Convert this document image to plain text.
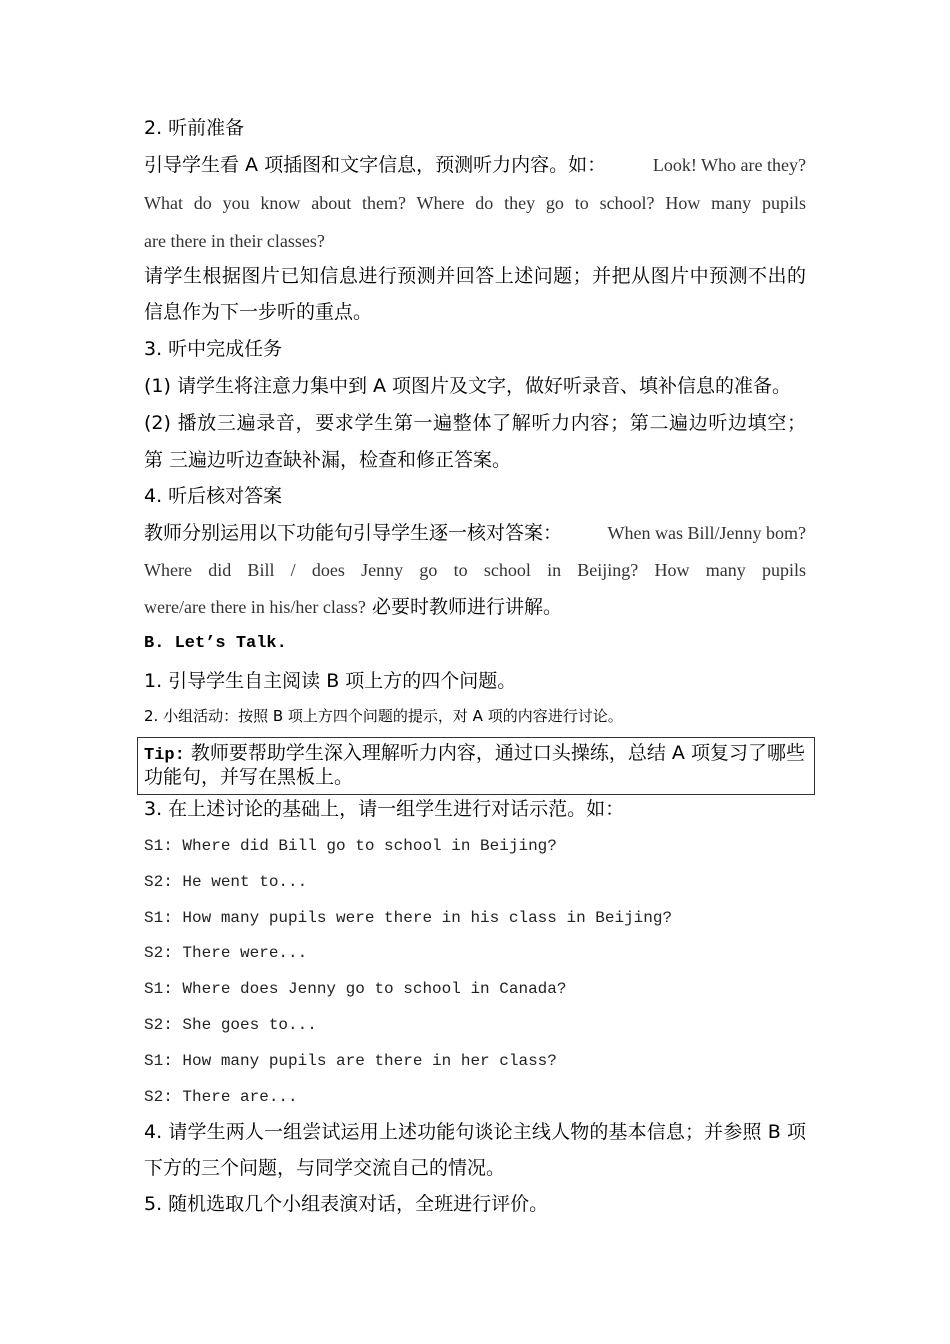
2. 听前准备
引导学生看 A 项插图和文字信息，预测听力内容。如：	Look! Who are they?
What do you know about them? Where do they go to school? How many pupils
are there in their classes?
请学生根据图片已知信息进行预测并回答上述问题；并把从图片中预测不出的
信息作为下一步听的重点。
3. 听中完成任务
(1) 请学生将注意力集中到 A 项图片及文字，做好听录音、填补信息的准备。
(2) 播放三遍录音，要求学生第一遍整体了解听力内容；第二遍边听边填空；
第 三遍边听边查缺补漏，检查和修正答案。
4. 听后核对答案
教师分别运用以下功能句引导学生逐一核对答案：	When was Bill/Jenny bom?
Where did Bill / does Jenny go to school in Beijing? How many pupils
were/are there in his/her class? 必要时教师进行讲解。
B. Let’s Talk.
1. 引导学生自主阅读 B 项上方的四个问题。
2. 小组活动：按照 B 项上方四个问题的提示，对 A 项的内容进行讨论。
Tip: 教师要帮助学生深入理解听力内容，通过口头操练，总结 A 项复习了哪些
功能句，并写在黑板上。
3. 在上述讨论的基础上，请一组学生进行对话示范。如：
S1: Where did Bill go to school in Beijing?
S2: He went to...
S1: How many pupils were there in his class in Beijing?
S2: There were...
S1: Where does Jenny go to school in Canada?
S2: She goes to...
S1: How many pupils are there in her class?
S2: There are...
4. 请学生两人一组尝试运用上述功能句谈论主线人物的基本信息；并参照 B 项
下方的三个问题，与同学交流自己的情况。
5. 随机选取几个小组表演对话，全班进行评价。
